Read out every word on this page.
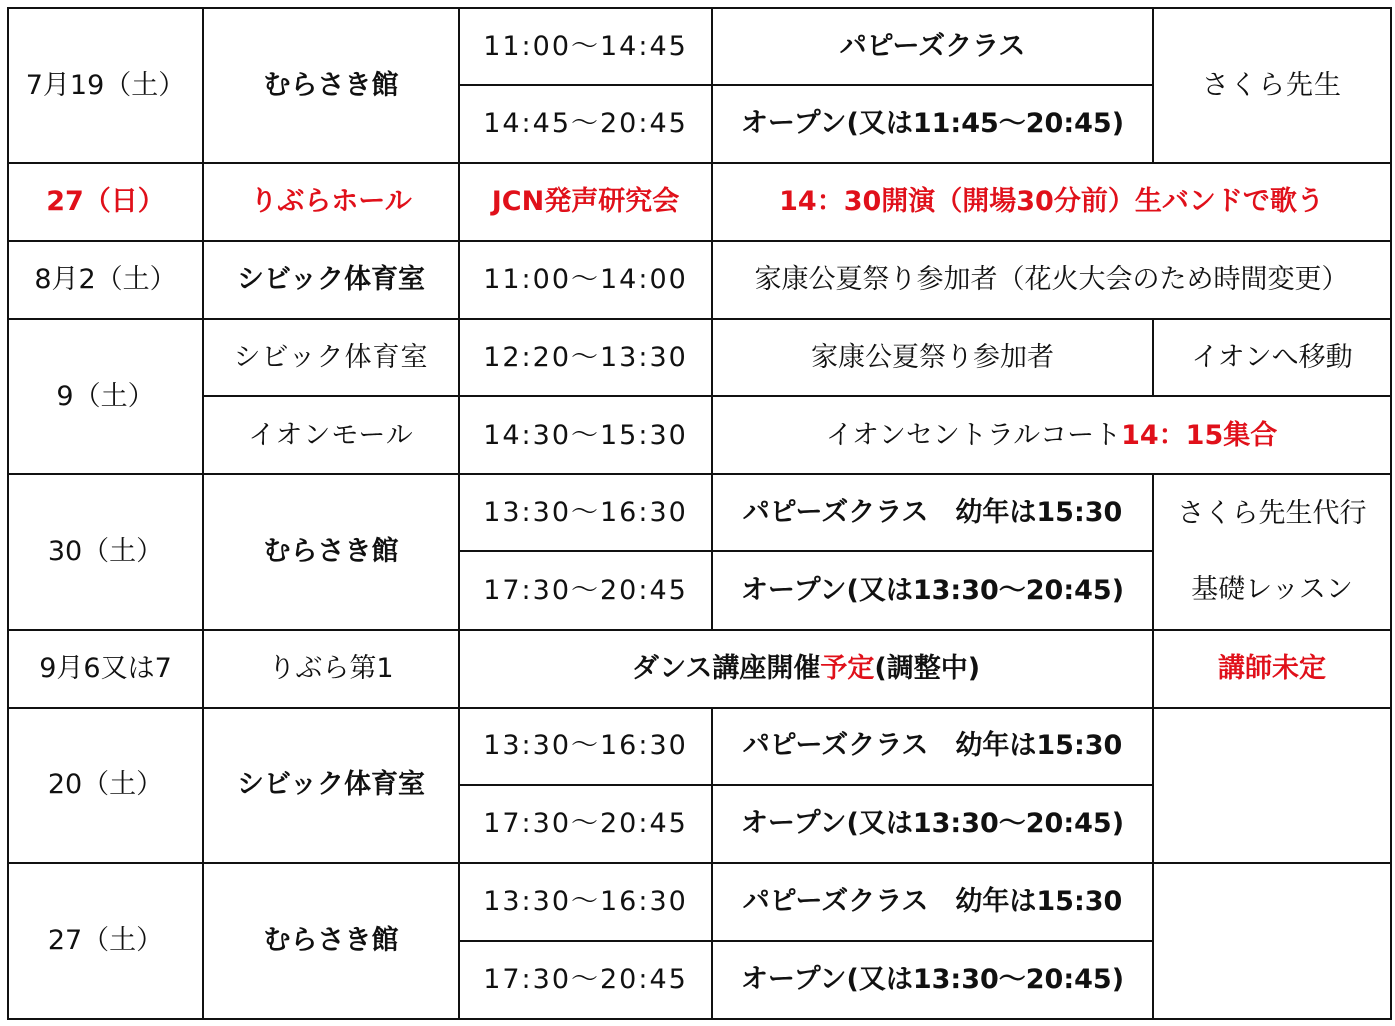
7月19（土）	むらさき館	11:00〜14:45	パピーズクラス	さくら先生
		14:45〜20:45	オープン(又は11:45〜20:45)	
27（日）	りぶらホール	JCN発声研究会	14：30開演（開場30分前）生バンドで歌う	
8月2（土）	シビック体育室	11:00〜14:00	家康公夏祭り参加者（花火大会のため時間変更）	
9（土）	シビック体育室	12:20〜13:30	家康公夏祭り参加者	イオンへ移動
	イオンモール	14:30〜15:30	イオンセントラルコート14：15集合	
30（土）	むらさき館	13:30〜16:30	パピーズクラス　幼年は15:30	さくら先生代行
		17:30〜20:45	オープン(又は13:30〜20:45)	基礎レッスン
9月6又は7	りぶら第1	ダンス講座開催予定(調整中)		講師未定
20（土）	シビック体育室	13:30〜16:30	パピーズクラス　幼年は15:30	
		17:30〜20:45	オープン(又は13:30〜20:45)	
27（土）	むらさき館	13:30〜16:30	パピーズクラス　幼年は15:30	
		17:30〜20:45	オープン(又は13:30〜20:45)	
